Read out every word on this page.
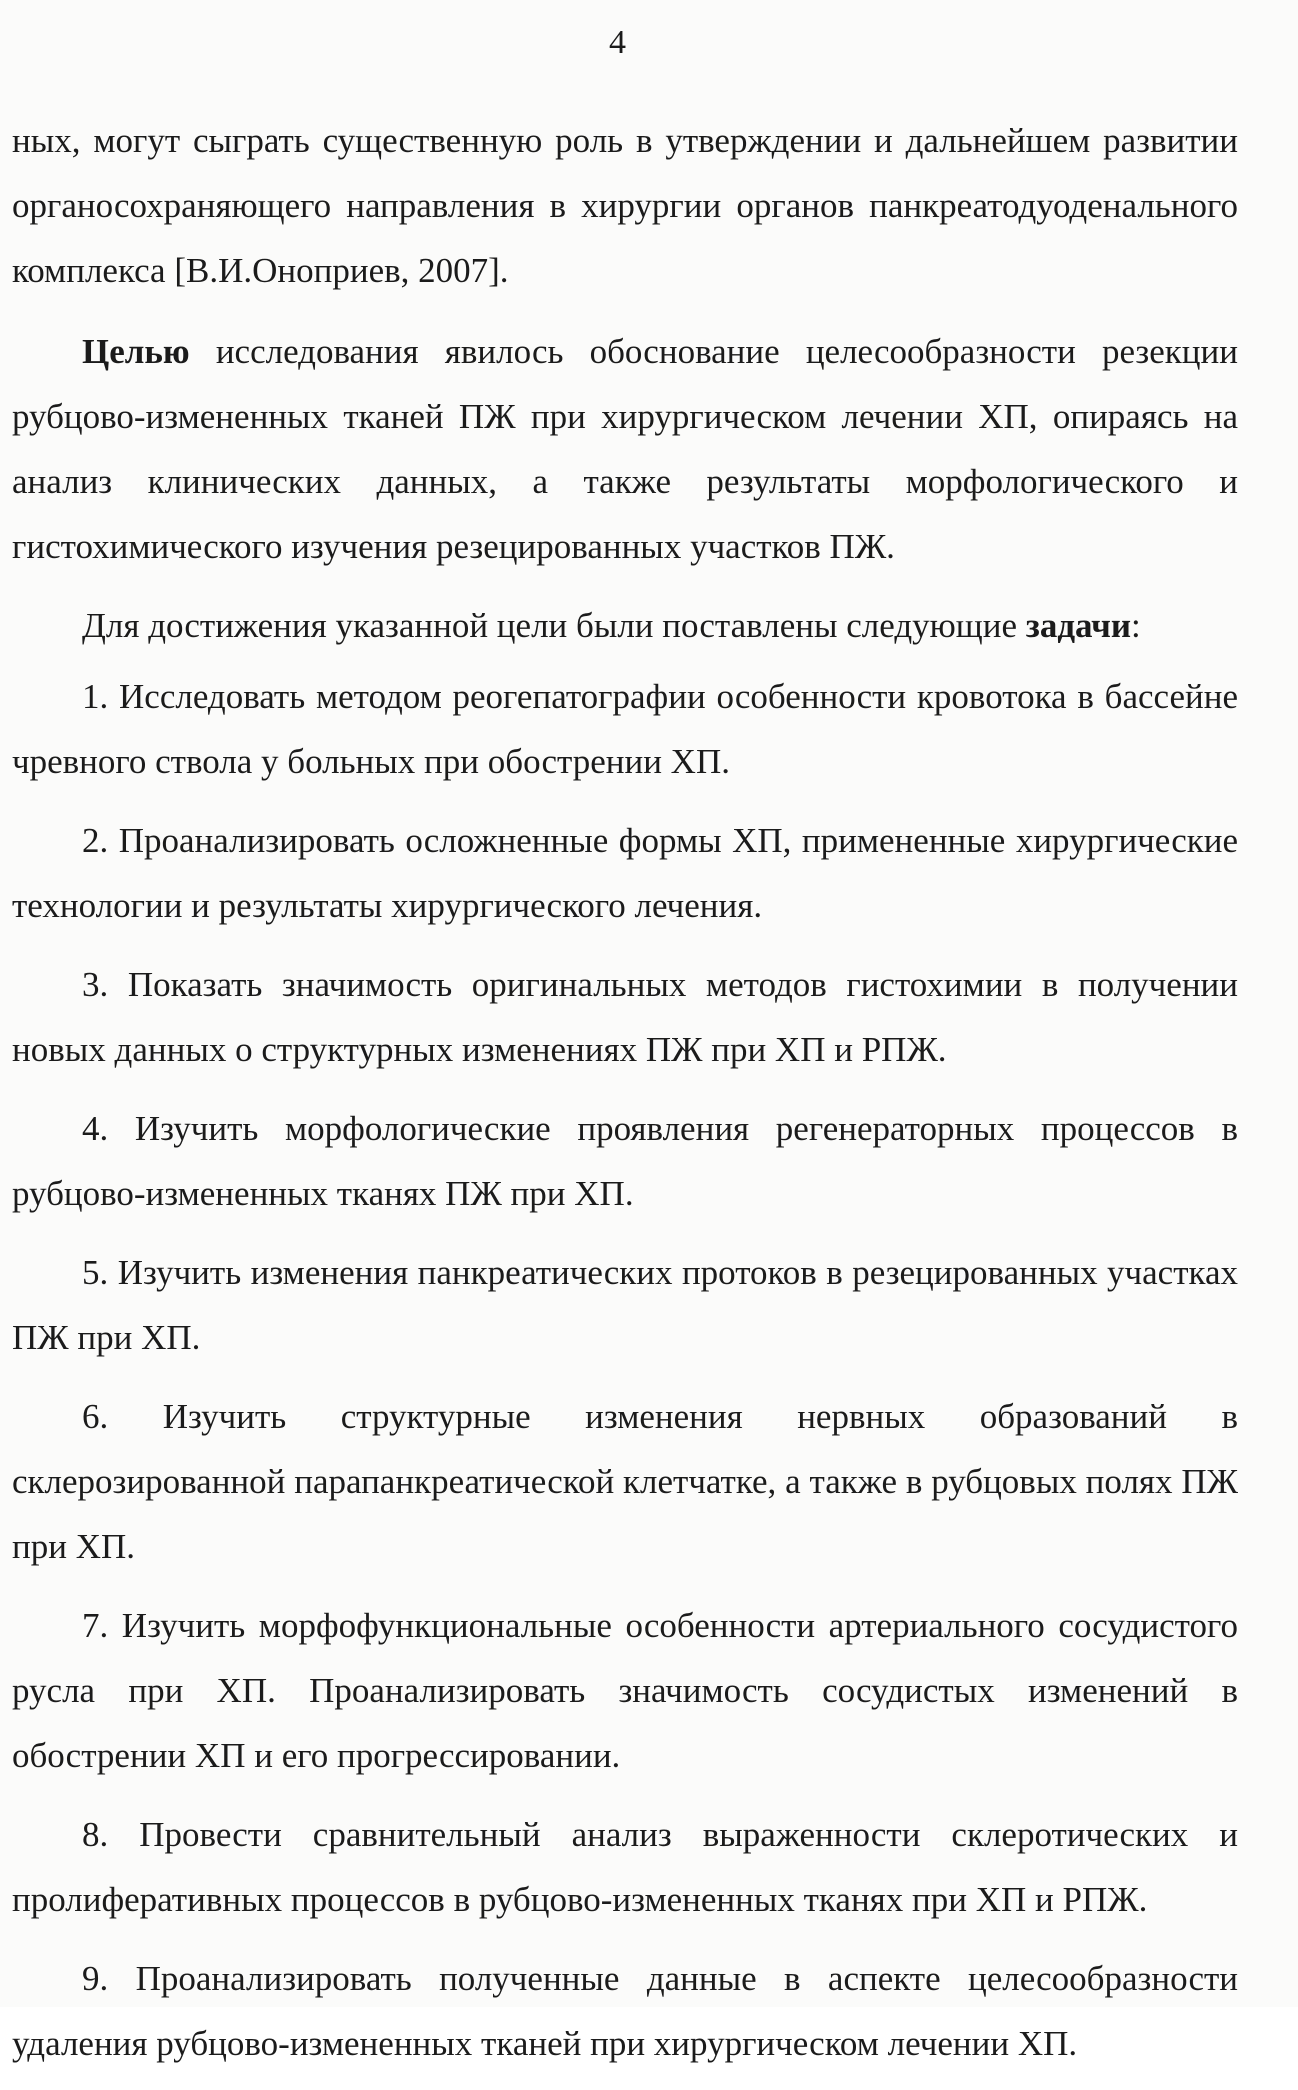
4

ных, могут сыграть существенную роль в утверждении и дальнейшем развитии органосохраняющего направления в хирургии органов панкреатодуоденального комплекса [В.И.Оноприев, 2007].

Целью исследования явилось обоснование целесообразности резекции рубцово-измененных тканей ПЖ при хирургическом лечении ХП, опираясь на анализ клинических данных, а также результаты морфологического и гистохимического изучения резецированных участков ПЖ.

Для достижения указанной цели были поставлены следующие задачи:

1. Исследовать методом реогепатографии особенности кровотока в бассейне чревного ствола у больных при обострении ХП.

2. Проанализировать осложненные формы ХП, примененные хирургические технологии и результаты хирургического лечения.

3. Показать значимость оригинальных методов гистохимии в получении новых данных о структурных изменениях ПЖ при ХП и РПЖ.

4. Изучить морфологические проявления регенераторных процессов в рубцово-измененных тканях ПЖ при ХП.

5. Изучить изменения панкреатических протоков в резецированных участках ПЖ при ХП.

6. Изучить структурные изменения нервных образований в склерозированной парапанкреатической клетчатке, а также в рубцовых полях ПЖ при ХП.

7. Изучить морфофункциональные особенности артериального сосудистого русла при ХП. Проанализировать значимость сосудистых изменений в обострении ХП и его прогрессировании.

8. Провести сравнительный анализ выраженности склеротических и пролиферативных процессов в рубцово-измененных тканях при ХП и РПЖ.

9. Проанализировать полученные данные в аспекте целесообразности удаления рубцово-измененных тканей при хирургическом лечении ХП.
